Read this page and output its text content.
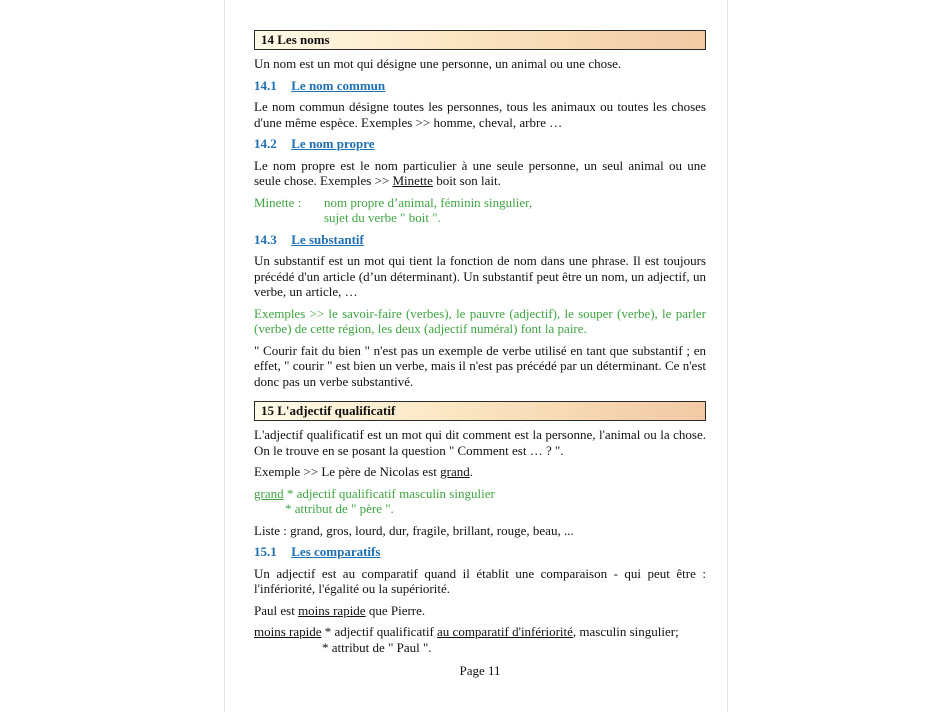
14 Les noms

Un nom est un mot qui désigne une personne, un animal ou une chose.

14.1 Le nom commun

Le nom commun désigne toutes les personnes, tous les animaux ou toutes les choses d'une même espèce. Exemples >> homme, cheval, arbre …

14.2 Le nom propre

Le nom propre est le nom particulier à une seule personne, un seul animal ou une seule chose. Exemples >> Minette boit son lait.

Minette :	nom propre d’animal, féminin singulier,
sujet du verbe " boit ".
14.3 Le substantif

Un substantif est un mot qui tient la fonction de nom dans une phrase. Il est toujours précédé d'un article (d’un déterminant). Un substantif peut être un nom, un adjectif, un verbe, un article, …

Exemples >> le savoir-faire (verbes), le pauvre (adjectif), le souper (verbe), le parler (verbe) de cette région, les deux (adjectif numéral) font la paire.

" Courir fait du bien " n'est pas un exemple de verbe utilisé en tant que substantif ; en effet, " courir " est bien un verbe, mais il n'est pas précédé par un déterminant. Ce n'est donc pas un verbe substantivé.

15 L'adjectif qualificatif

L'adjectif qualificatif est un mot qui dit comment est la personne, l'animal ou la chose. On le trouve en se posant la question " Comment est … ? ".

Exemple >> Le père de Nicolas est grand.

grand * adjectif qualificatif masculin singulier
* attribut de " père ".

Liste : grand, gros, lourd, dur, fragile, brillant, rouge, beau, ...

15.1 Les comparatifs

Un adjectif est au comparatif quand il établit une comparaison - qui peut être : l'infériorité, l'égalité ou la supériorité.

Paul est moins rapide que Pierre.

moins rapide * adjectif qualificatif au comparatif d'infériorité, masculin singulier;
* attribut de " Paul ".
Page 11
